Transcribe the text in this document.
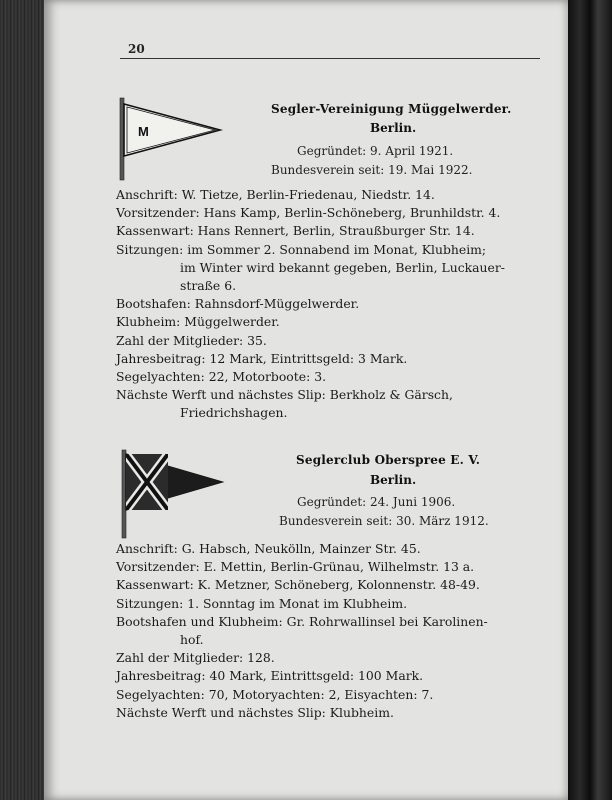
20
M
Segler-Vereinigung Müggelwerder.
Berlin.
Gegründet: 9. April 1921.
Bundesverein seit: 19. Mai 1922.
Anschrift: W. Tietze, Berlin-Friedenau, Niedstr. 14.
Vorsitzender: Hans Kamp, Berlin-Schöneberg, Brunhildstr. 4.
Kassenwart: Hans Rennert, Berlin, Straußburger Str. 14.
Sitzungen: im Sommer 2. Sonnabend im Monat, Klubheim;
im Winter wird bekannt gegeben, Berlin, Luckauer-
straße 6.
Bootshafen: Rahnsdorf-Müggelwerder.
Klubheim: Müggelwerder.
Zahl der Mitglieder: 35.
Jahresbeitrag: 12 Mark, Eintrittsgeld: 3 Mark.
Segelyachten: 22, Motorboote: 3.
Nächste Werft und nächstes Slip: Berkholz & Gärsch,
Friedrichshagen.
Seglerclub Oberspree E. V.
Berlin.
Gegründet: 24. Juni 1906.
Bundesverein seit: 30. März 1912.
Anschrift: G. Habsch, Neukölln, Mainzer Str. 45.
Vorsitzender: E. Mettin, Berlin-Grünau, Wilhelmstr. 13 a.
Kassenwart: K. Metzner, Schöneberg, Kolonnenstr. 48-49.
Sitzungen: 1. Sonntag im Monat im Klubheim.
Bootshafen und Klubheim: Gr. Rohrwallinsel bei Karolinen-
hof.
Zahl der Mitglieder: 128.
Jahresbeitrag: 40 Mark, Eintrittsgeld: 100 Mark.
Segelyachten: 70, Motoryachten: 2, Eisyachten: 7.
Nächste Werft und nächstes Slip: Klubheim.
